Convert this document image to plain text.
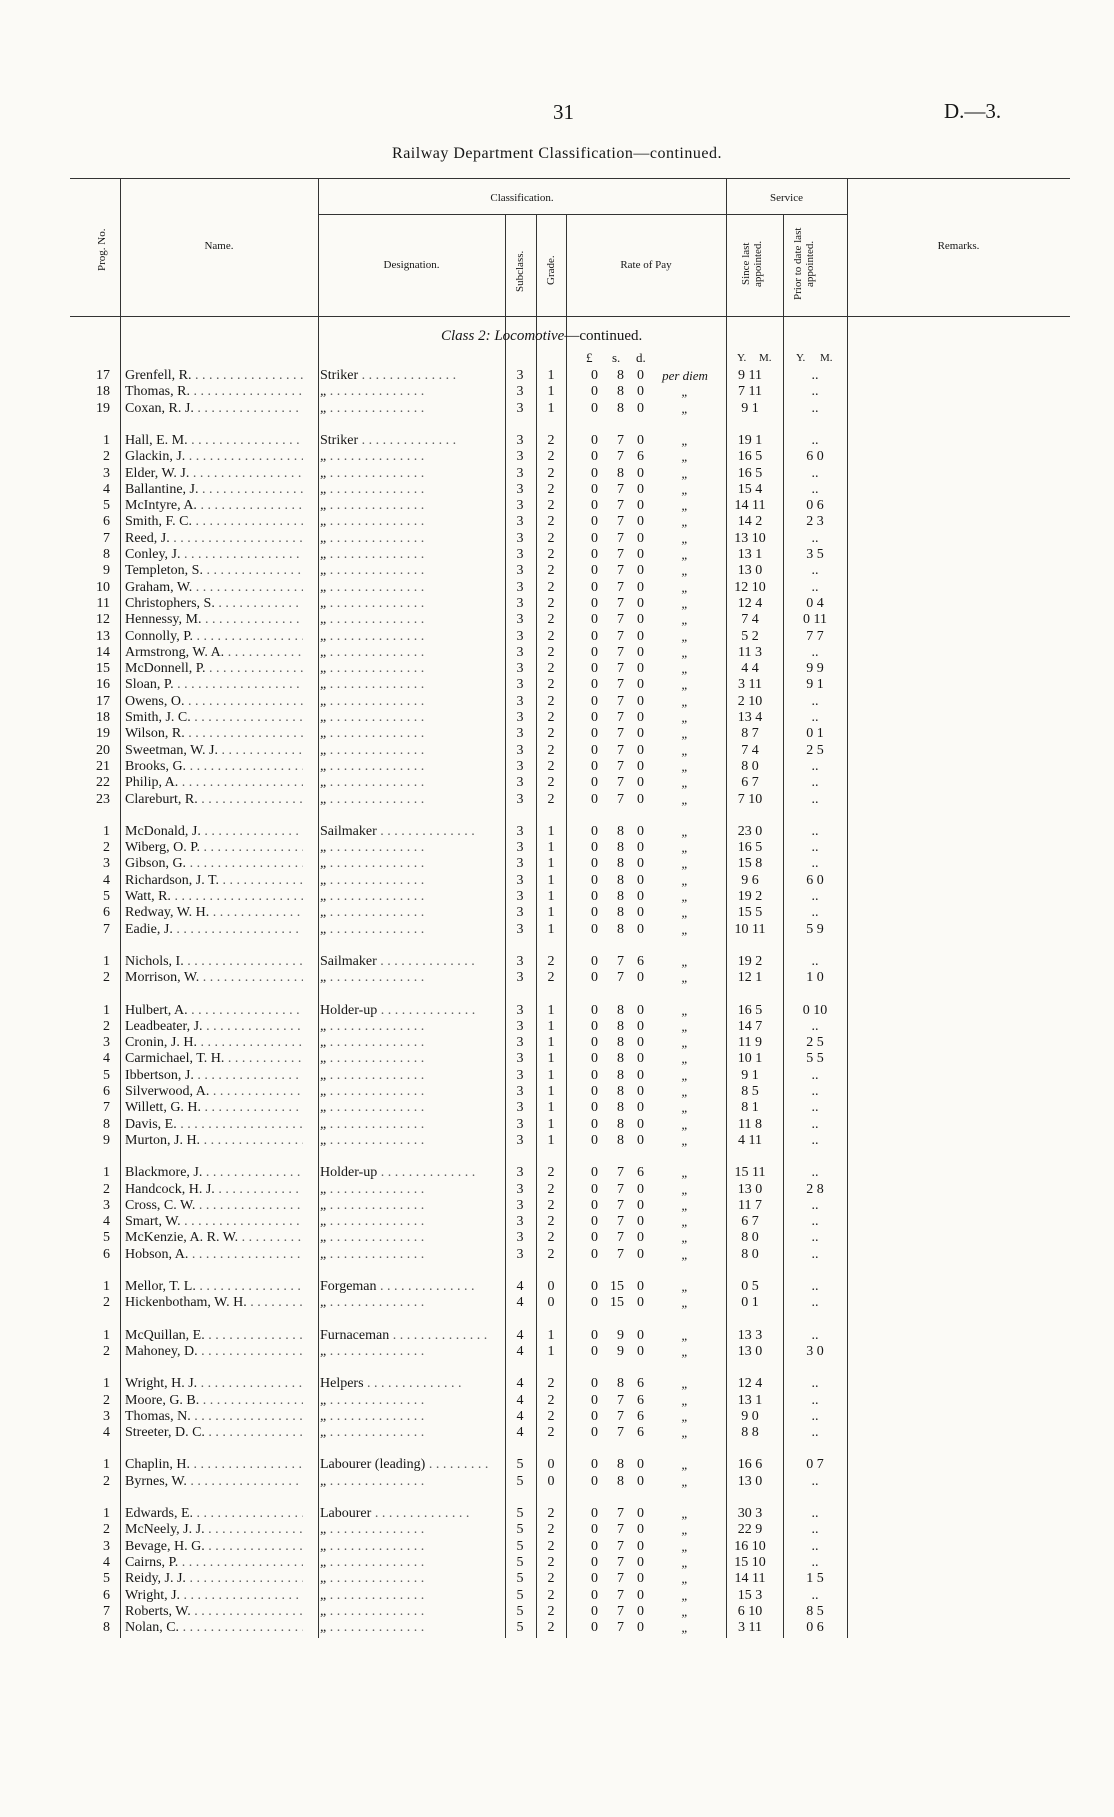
31	D.—3.
Railway Department Classification—continued.
Prog. No.	Name.
Classification.
Designation.	Subclass. Grade.	Rate of Pay
Service
Since last appointed.	Prior to date last appointed.	Remarks.
Class 2: Locomotive—continued.
£ s. d.	Y. M. Y. M.
17 Grenfell, R. . .	Striker . .	3	1	0	8 0	per diem	9 11	..
18 Thomas, R. . .	„ . .	3	1	0	8 0	„	7 11	..
19 Coxan, R. J. . .	„ . .	3	1	0	8 0	„	9 1	..
1 Hall, E. M. . .	Striker . .	3	2	0	7 0	„	19 1	..
2 Glackin, J. . .	„ . .	3	2	0	7 6	„	16 5	6 0
3 Elder, W. J. . .	„ . .	3	2	0	8 0	„	16 5	..
4 Ballantine, J. . .	„ . .	3	2	0	7 0	„	15 4	..
5 McIntyre, A. . .	„ . .	3	2	0	7 0	„	14 11	0 6
6 Smith, F. C. . .	„ . .	3	2	0	7 0	„	14 2	2 3
7 Reed, J. . .	„ . .	3	2	0	7 0	„	13 10	..
8 Conley, J. . .	„ . .	3	2	0	7 0	„	13 1	3 5
9 Templeton, S. . .	„ . .	3	2	0	7 0	„	13 0	..
10 Graham, W. . .	„ . .	3	2	0	7 0	„	12 10	..
11 Christophers, S. . .	„ . .	3	2	0	7 0	„	12 4	0 4
12 Hennessy, M. . .	„ . .	3	2	0	7 0	„	7 4	0 11
13 Connolly, P. . .	„ . .	3	2	0	7 0	„	5 2	7 7
14 Armstrong, W. A. . .	„ . .	3	2	0	7 0	„	11 3	..
15 McDonnell, P. . .	„ . .	3	2	0	7 0	„	4 4	9 9
16 Sloan, P. . .	„ . .	3	2	0	7 0	„	3 11	9 1
17 Owens, O. . .	„ . .	3	2	0	7 0	„	2 10	..
18 Smith, J. C. . .	„ . .	3	2	0	7 0	„	13 4	..
19 Wilson, R. . .	„ . .	3	2	0	7 0	„	8 7	0 1
20 Sweetman, W. J. . .	„ . .	3	2	0	7 0	„	7 4	2 5
21 Brooks, G. . .	„ . .	3	2	0	7 0	„	8 0	..
22 Philip, A. . .	„ . .	3	2	0	7 0	„	6 7	..
23 Clareburt, R. . .	„ . .	3	2	0	7 0	„	7 10	..
1 McDonald, J. . .	Sailmaker . .	3	1	0	8 0	„	23 0	..
2 Wiberg, O. P. . .	„ . .	3	1	0	8 0	„	16 5	..
3 Gibson, G. . .	„ . .	3	1	0	8 0	„	15 8	..
4 Richardson, J. T. . .	„ . .	3	1	0	8 0	„	9 6	6 0
5 Watt, R. . .	„ . .	3	1	0	8 0	„	19 2	..
6 Redway, W. H. . .	„ . .	3	1	0	8 0	„	15 5	..
7 Eadie, J. . .	„ . .	3	1	0	8 0	„	10 11	5 9
1 Nichols, I. . .	Sailmaker . .	3	2	0	7 6	„	19 2	..
2 Morrison, W. . .	„ . .	3	2	0	7 0	„	12 1	1 0
1 Hulbert, A. . .	Holder-up . .	3	1	0	8 0	„	16 5	0 10
2 Leadbeater, J. . .	„ . .	3	1	0	8 0	„	14 7	..
3 Cronin, J. H. . .	„ . .	3	1	0	8 0	„	11 9	2 5
4 Carmichael, T. H. . .	„ . .	3	1	0	8 0	„	10 1	5 5
5 Ibbertson, J. . .	„ . .	3	1	0	8 0	„	9 1	..
6 Silverwood, A. . .	„ . .	3	1	0	8 0	„	8 5	..
7 Willett, G. H. . .	„ . .	3	1	0	8 0	„	8 1	..
8 Davis, E. . .	„ . .	3	1	0	8 0	„	11 8	..
9 Murton, J. H. . .	„ . .	3	1	0	8 0	„	4 11	..
1 Blackmore, J. . .	Holder-up . .	3	2	0	7 6	„	15 11	..
2 Handcock, H. J. . .	„ . .	3	2	0	7 0	„	13 0	2 8
3 Cross, C. W. . .	„ . .	3	2	0	7 0	„	11 7	..
4 Smart, W. . .	„ . .	3	2	0	7 0	„	6 7	..
5 McKenzie, A. R. W. . .	„ . .	3	2	0	7 0	„	8 0	..
6 Hobson, A. . .	„ . .	3	2	0	7 0	„	8 0	..
1 Mellor, T. L. . .	Forgeman . .	4	0	0 15 0	„	0 5	..
2 Hickenbotham, W. H. . .	„ . .	4	0	0 15 0	„	0 1	..
1 McQuillan, E. . .	Furnaceman . .	4	1	0	9 0	„	13 3	..
2 Mahoney, D. . .	„ . .	4	1	0	9 0	„	13 0	3 0
1 Wright, H. J. . .	Helpers . .	4	2	0	8 6	„	12 4	..
2 Moore, G. B. . .	„ . .	4	2	0	7 6	„	13 1	..
3 Thomas, N. . .	„ . .	4	2	0	7 6	„	9 0	..
4 Streeter, D. C. . .	„ . .	4	2	0	7 6	„	8 8	..
1 Chaplin, H. . .	Labourer (leading) . .	5	0	0	8 0	„	16 6	0 7
2 Byrnes, W. . .	„ . .	5	0	0	8 0	„	13 0	..
1 Edwards, E. . .	Labourer . .	5	2	0	7 0	„	30 3	..
2 McNeely, J. J. . .	„ . .	5	2	0	7 0	„	22 9	..
3 Bevage, H. G. . .	„ . .	5	2	0	7 0	„	16 10	..
4 Cairns, P. . .	„ . .	5	2	0	7 0	„	15 10	..
5 Reidy, J. J. . .	„ . .	5	2	0	7 0	„	14 11	1 5
6 Wright, J. . .	„ . .	5	2	0	7 0	„	15 3	..
7 Roberts, W. . .	„ . .	5	2	0	7 0	„	6 10	8 5
8 Nolan, C. . .	„ . .	5	2	0	7 0	„	3 11	0 6
